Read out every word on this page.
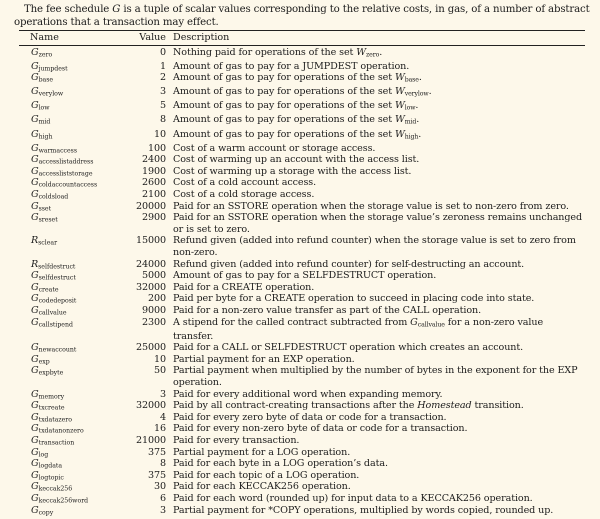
The fee schedule G is a tuple of scalar values corresponding to the relative costs, in gas, of a number of abstract operations that a transaction may effect.
Name	Value Description
$G_{zero}$	0 Nothing paid for operations of the set $W_{zero}$.
$G_{jumpdest}$	1 Amount of gas to pay for a JUMPDEST operation.
$G_{base}$	2 Amount of gas to pay for operations of the set $W_{base}$.
$G_{verylow}$	3 Amount of gas to pay for operations of the set $W_{verylow}$.
$G_{low}$	5 Amount of gas to pay for operations of the set $W_{low}$.
$G_{mid}$	8 Amount of gas to pay for operations of the set $W_{mid}$.
$G_{high}$	10 Amount of gas to pay for operations of the set $W_{high}$.
$G_{warmaccess}$	100 Cost of a warm account or storage access.
$G_{accesslistaddress}$	2400 Cost of warming up an account with the access list.
$G_{accessliststorage}$	1900 Cost of warming up a storage with the access list.
$G_{coldaccountaccess}$	2600 Cost of a cold account access.
$G_{coldsload}$	2100 Cost of a cold storage access.
$G_{sset}$	20000 Paid for an SSTORE operation when the storage value is set to non-zero from zero.
$G_{sreset}$	2900 Paid for an SSTORE operation when the storage value’s zeroness remains unchanged or is set to zero.
$R_{sclear}$	15000 Refund given (added into refund counter) when the storage value is set to zero from non-zero.
$R_{selfdestruct}$	24000 Refund given (added into refund counter) for self-destructing an account.
$G_{selfdestruct}$	5000 Amount of gas to pay for a SELFDESTRUCT operation.
$G_{create}$	32000 Paid for a CREATE operation.
$G_{codedeposit}$	200 Paid per byte for a CREATE operation to succeed in placing code into state.
$G_{callvalue}$	9000 Paid for a non-zero value transfer as part of the CALL operation.
$G_{callstipend}$	2300 A stipend for the called contract subtracted from $G_{callvalue}$ for a non-zero value transfer.
$G_{newaccount}$	25000 Paid for a CALL or SELFDESTRUCT operation which creates an account.
$G_{exp}$	10 Partial payment for an EXP operation.
$G_{expbyte}$	50 Partial payment when multiplied by the number of bytes in the exponent for the EXP operation.
$G_{memory}$	3 Paid for every additional word when expanding memory.
$G_{txcreate}$	32000 Paid by all contract-creating transactions after the Homestead transition.
$G_{txdatazero}$	4 Paid for every zero byte of data or code for a transaction.
$G_{txdatanonzero}$	16 Paid for every non-zero byte of data or code for a transaction.
$G_{transaction}$	21000 Paid for every transaction.
$G_{log}$	375 Partial payment for a LOG operation.
$G_{logdata}$	8 Paid for each byte in a LOG operation’s data.
$G_{logtopic}$	375 Paid for each topic of a LOG operation.
$G_{keccak256}$	30 Paid for each KECCAK256 operation.
$G_{keccak256word}$	6 Paid for each word (rounded up) for input data to a KECCAK256 operation.
$G_{copy}$	3 Partial payment for *COPY operations, multiplied by words copied, rounded up.
